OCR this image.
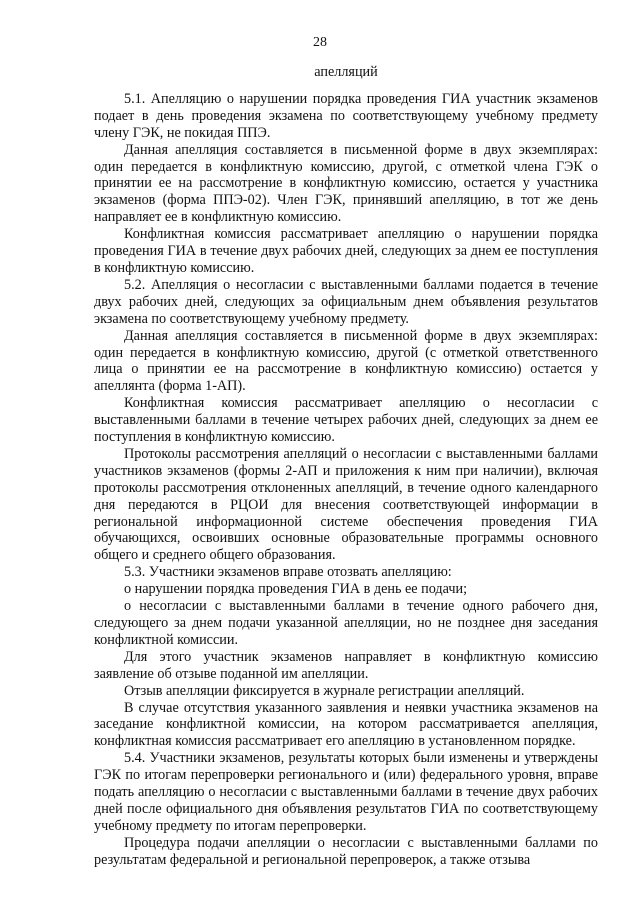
28
апелляций

5.1. Апелляцию о нарушении порядка проведения ГИА участник экзаменов подает в день проведения экзамена по соответствующему учебному предмету члену ГЭК, не покидая ППЭ.

Данная апелляция составляется в письменной форме в двух экземплярах: один передается в конфликтную комиссию, другой, с отметкой члена ГЭК о принятии ее на рассмотрение в конфликтную комиссию, остается у участника экзаменов (форма ППЭ-02). Член ГЭК, принявший апелляцию, в тот же день направляет ее в конфликтную комиссию.

Конфликтная комиссия рассматривает апелляцию о нарушении порядка проведения ГИА в течение двух рабочих дней, следующих за днем ее поступления в конфликтную комиссию.

5.2. Апелляция о несогласии с выставленными баллами подается в течение двух рабочих дней, следующих за официальным днем объявления результатов экзамена по соответствующему учебному предмету.

Данная апелляция составляется в письменной форме в двух экземплярах: один передается в конфликтную комиссию, другой (с отметкой ответственного лица о принятии ее на рассмотрение в конфликтную комиссию) остается у апеллянта (форма 1-АП).

Конфликтная комиссия рассматривает апелляцию о несогласии с выставленными баллами в течение четырех рабочих дней, следующих за днем ее поступления в конфликтную комиссию.

Протоколы рассмотрения апелляций о несогласии с выставленными баллами участников экзаменов (формы 2-АП и приложения к ним при наличии), включая протоколы рассмотрения отклоненных апелляций, в течение одного календарного дня передаются в РЦОИ для внесения соответствующей информации в региональной информационной системе обеспечения проведения ГИА обучающихся, освоивших основные образовательные программы основного общего и среднего общего образования.

5.3. Участники экзаменов вправе отозвать апелляцию:

о нарушении порядка проведения ГИА в день ее подачи;

о несогласии с выставленными баллами в течение одного рабочего дня, следующего за днем подачи указанной апелляции, но не позднее дня заседания конфликтной комиссии.

Для этого участник экзаменов направляет в конфликтную комиссию заявление об отзыве поданной им апелляции.

Отзыв апелляции фиксируется в журнале регистрации апелляций.

В случае отсутствия указанного заявления и неявки участника экзаменов на заседание конфликтной комиссии, на котором рассматривается апелляция, конфликтная комиссия рассматривает его апелляцию в установленном порядке.

5.4. Участники экзаменов, результаты которых были изменены и утверждены ГЭК по итогам перепроверки регионального и (или) федерального уровня, вправе подать апелляцию о несогласии с выставленными баллами в течение двух рабочих дней после официального дня объявления результатов ГИА по соответствующему учебному предмету по итогам перепроверки.

Процедура подачи апелляции о несогласии с выставленными баллами по результатам федеральной и региональной перепроверок, а также отзыва
